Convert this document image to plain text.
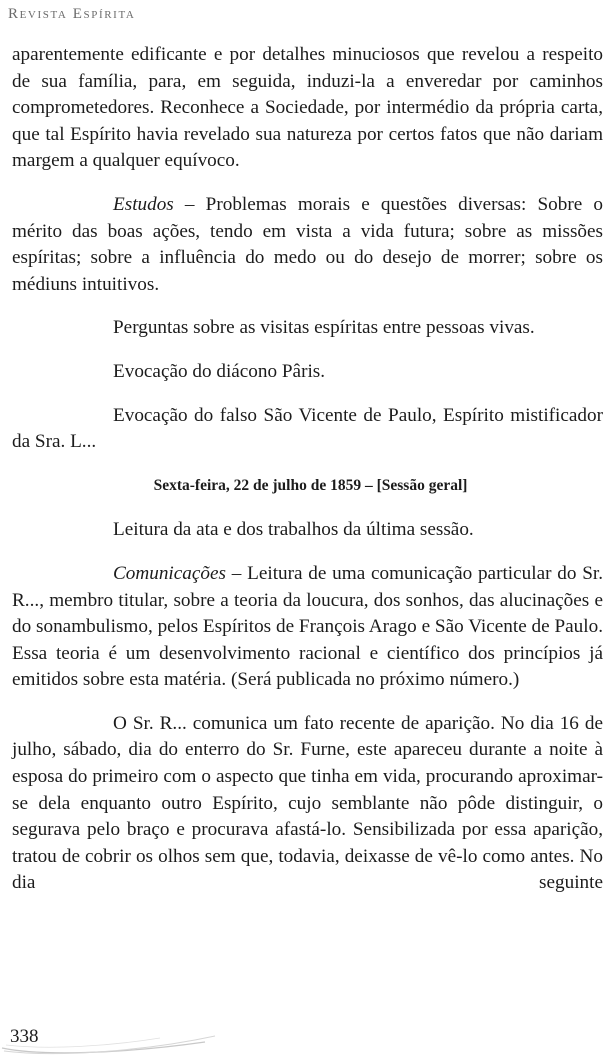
Revista Espírita

aparentemente edificante e por detalhes minuciosos que revelou a respeito de sua família, para, em seguida, induzi-la a enveredar por caminhos comprometedores. Reconhece a Sociedade, por intermédio da própria carta, que tal Espírito havia revelado sua natureza por certos fatos que não dariam margem a qualquer equívoco.

Estudos – Problemas morais e questões diversas: Sobre o mérito das boas ações, tendo em vista a vida futura; sobre as missões espíritas; sobre a influência do medo ou do desejo de morrer; sobre os médiuns intuitivos.

Perguntas sobre as visitas espíritas entre pessoas vivas.

Evocação do diácono Pâris.

Evocação do falso São Vicente de Paulo, Espírito mistificador da Sra. L...

Sexta-feira, 22 de julho de 1859 – [Sessão geral]

Leitura da ata e dos trabalhos da última sessão.

Comunicações – Leitura de uma comunicação particular do Sr. R..., membro titular, sobre a teoria da loucura, dos sonhos, das alucinações e do sonambulismo, pelos Espíritos de François Arago e São Vicente de Paulo. Essa teoria é um desenvolvimento racional e científico dos princípios já emitidos sobre esta matéria. (Será publicada no próximo número.)

O Sr. R... comunica um fato recente de aparição. No dia 16 de julho, sábado, dia do enterro do Sr. Furne, este apareceu durante a noite à esposa do primeiro com o aspecto que tinha em vida, procurando aproximar-se dela enquanto outro Espírito, cujo semblante não pôde distinguir, o segurava pelo braço e procurava afastá-lo. Sensibilizada por essa aparição, tratou de cobrir os olhos sem que, todavia, deixasse de vê-lo como antes. No dia seguinte

338
